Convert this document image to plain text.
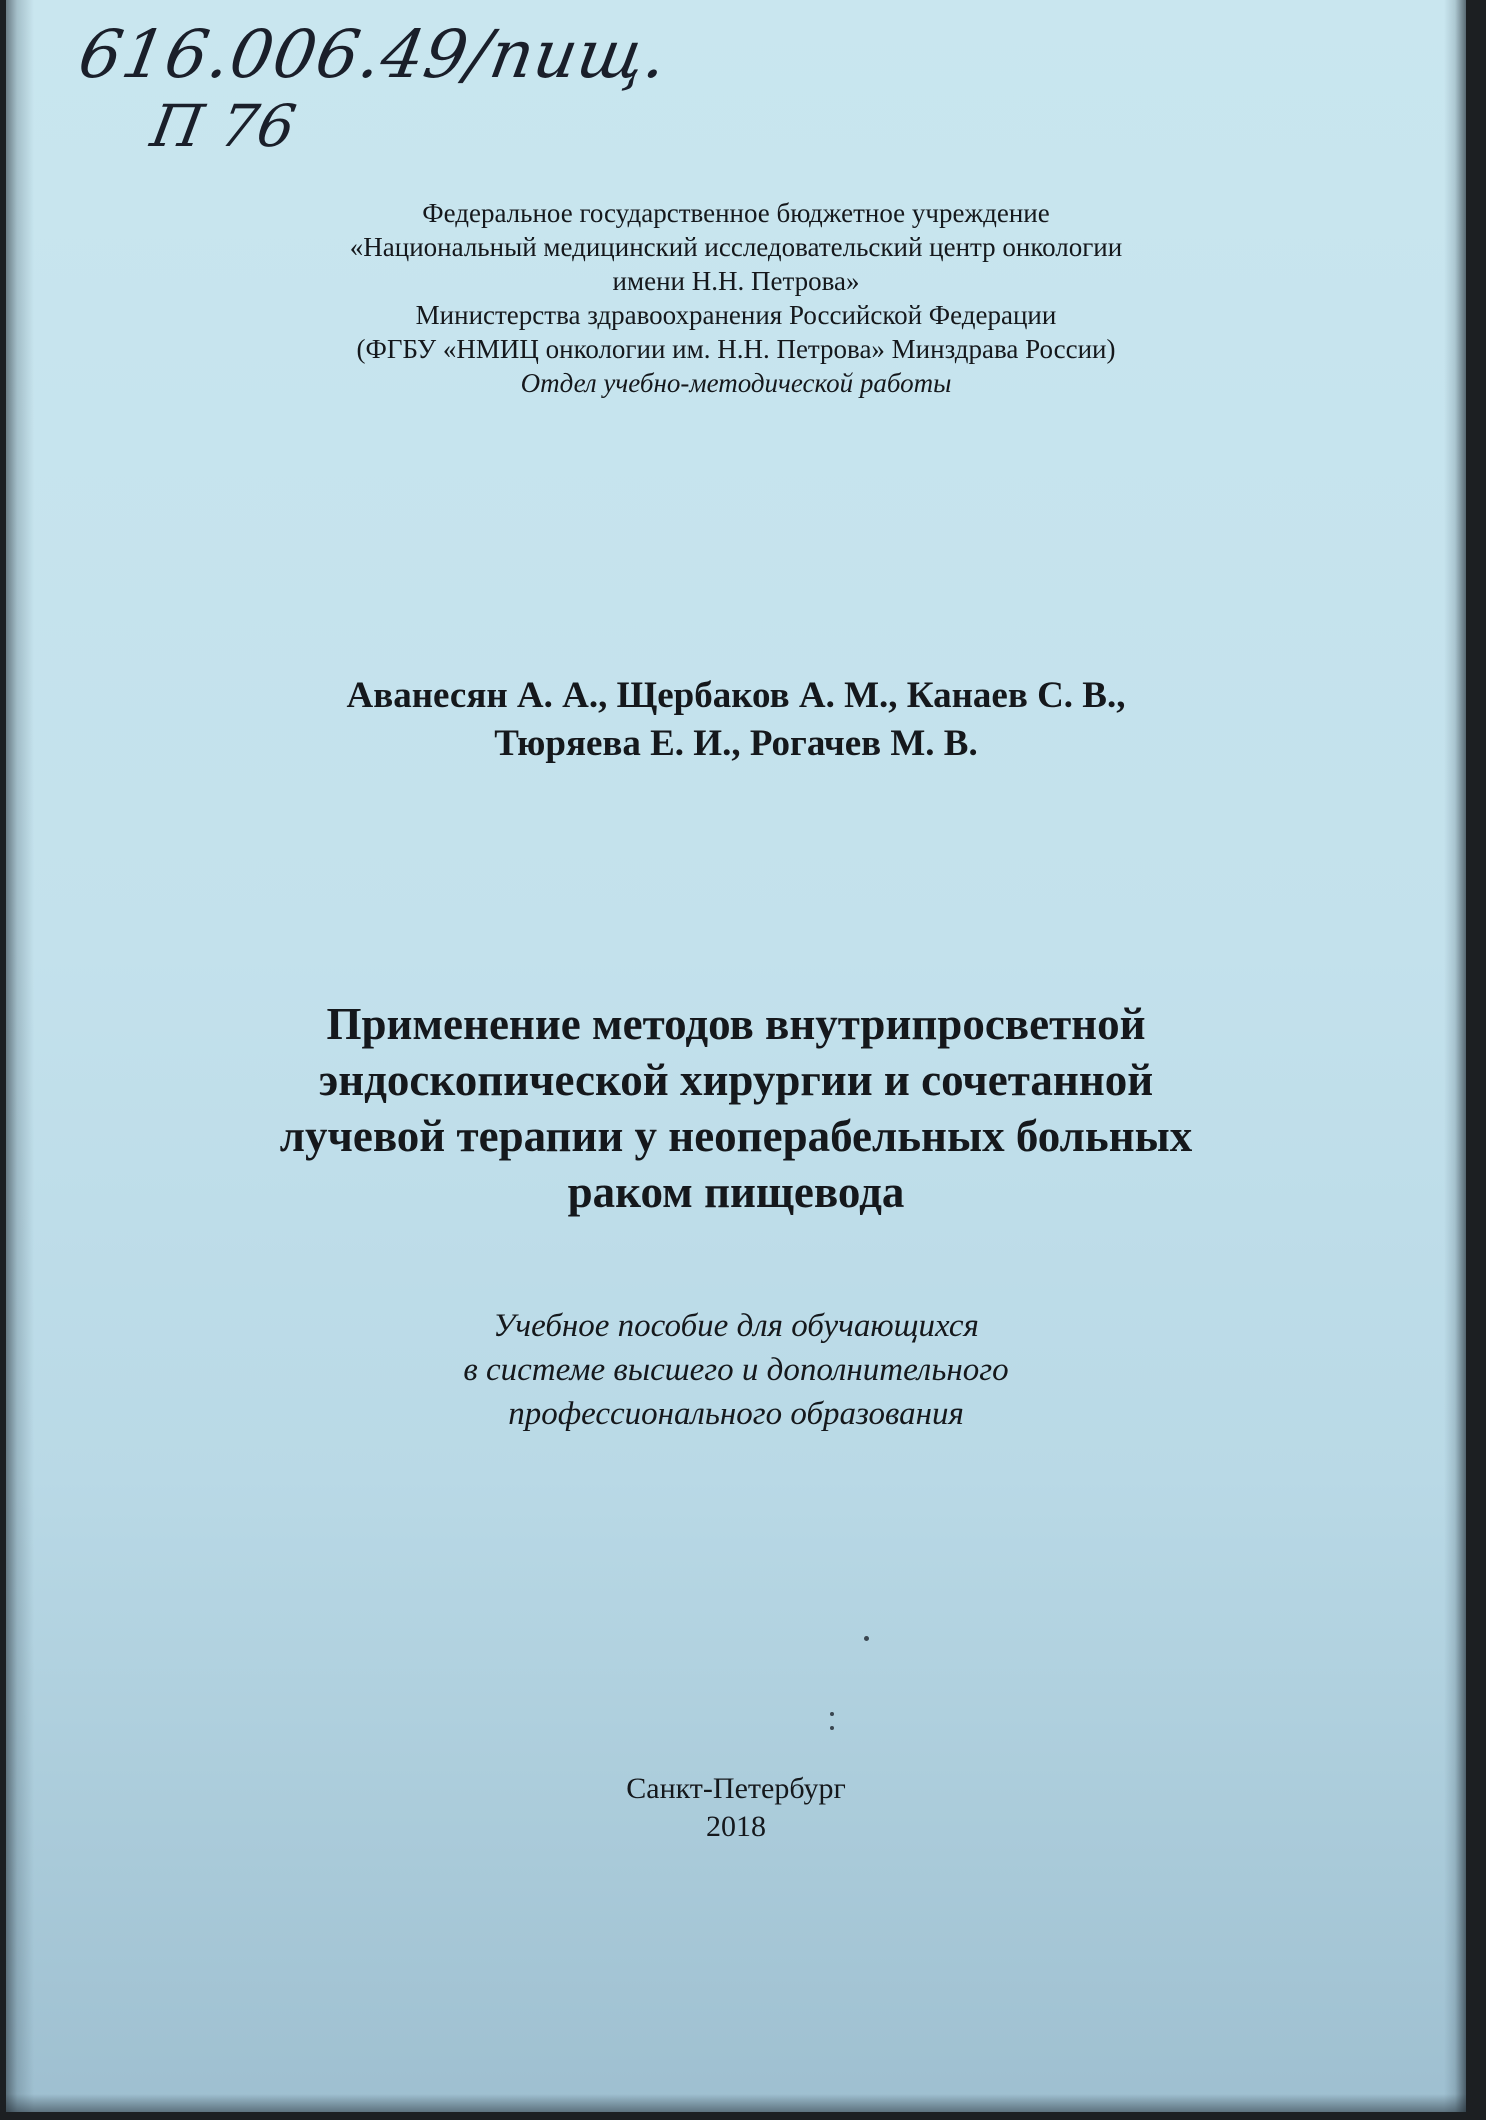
616.006.49/пищ.
П 76
Федеральное государственное бюджетное учреждение
«Национальный медицинский исследовательский центр онкологии
имени Н.Н. Петрова»
Министерства здравоохранения Российской Федерации
(ФГБУ «НМИЦ онкологии им. Н.Н. Петрова» Минздрава России)
Отдел учебно-методической работы
Аванесян А. А., Щербаков А. М., Канаев С. В.,
Тюряева Е. И., Рогачев М. В.
Применение методов внутрипросветной
эндоскопической хирургии и сочетанной
лучевой терапии у неоперабельных больных
раком пищевода
Учебное пособие для обучающихся
в системе высшего и дополнительного
профессионального образования
Санкт-Петербург
2018
